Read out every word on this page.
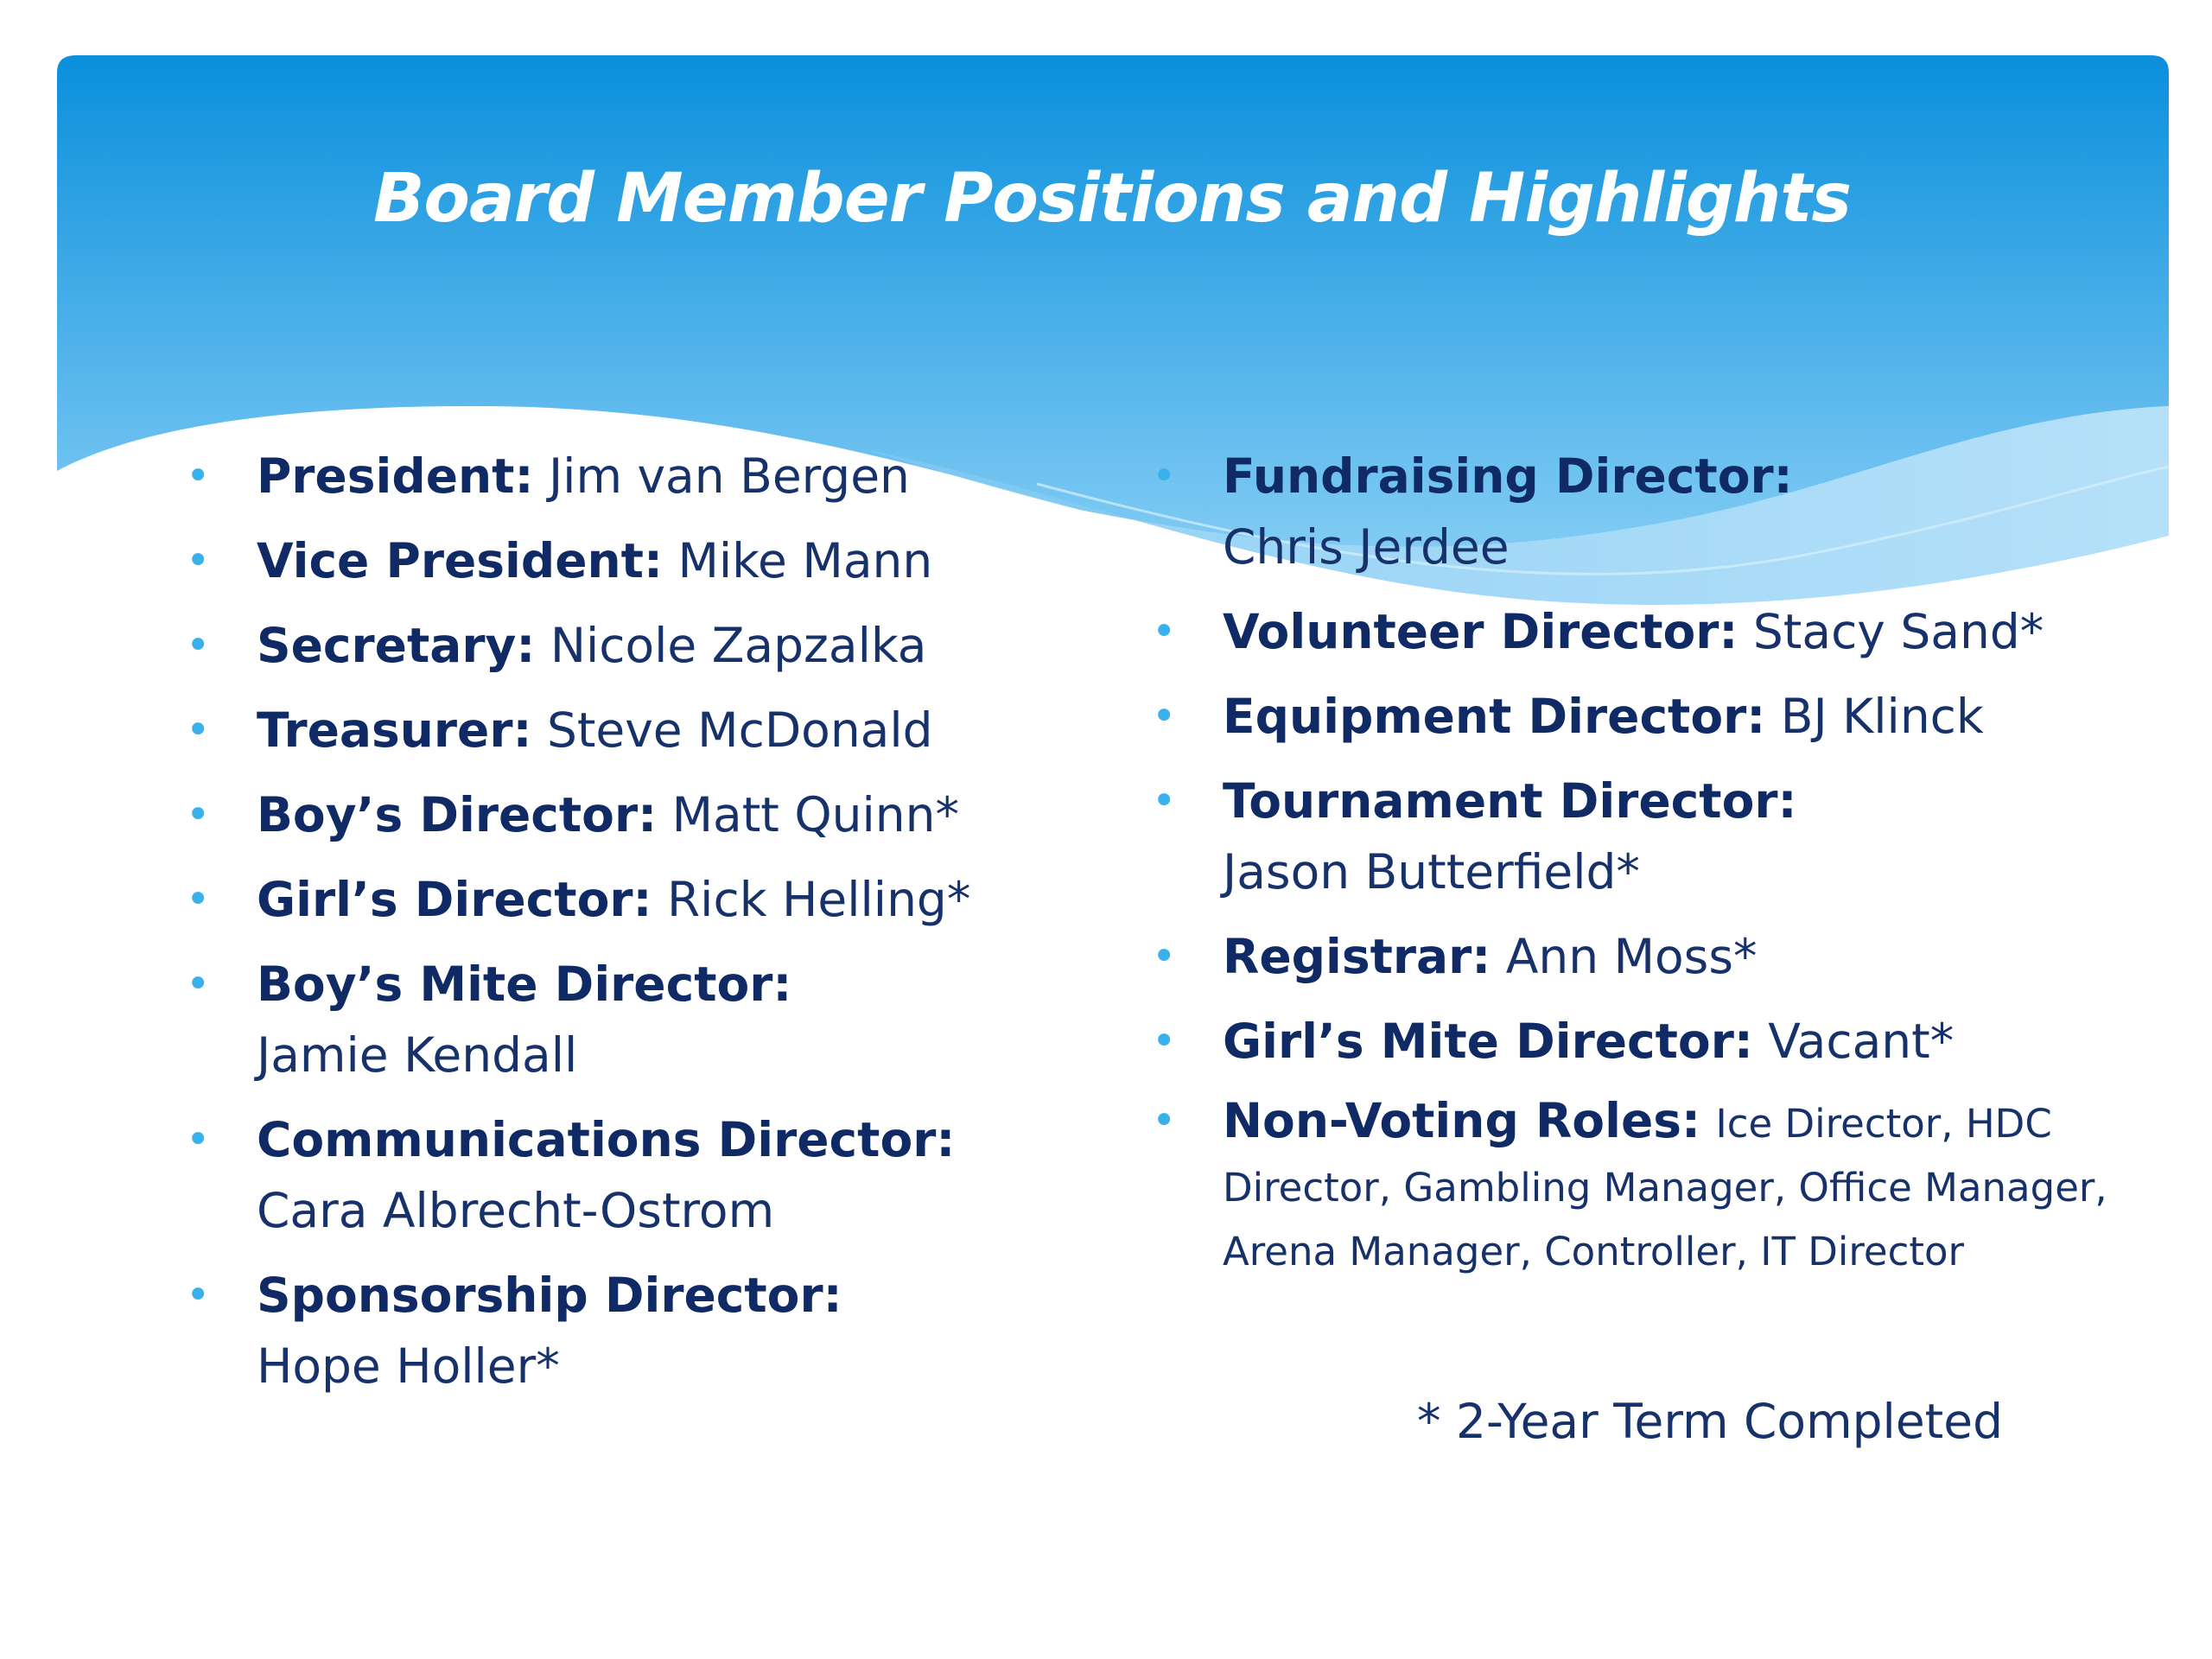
Board Member Positions and Highlights
• President: Jim van Bergen
• Vice President: Mike Mann
• Secretary: Nicole Zapzalka
• Treasurer: Steve McDonald
• Boy’s Director: Matt Quinn*
• Girl’s Director: Rick Helling*
• Boy’s Mite Director:
Jamie Kendall
• Communications Director:
Cara Albrecht-Ostrom
• Sponsorship Director:
Hope Holler*
• Fundraising Director:
Chris Jerdee
• Volunteer Director: Stacy Sand*
• Equipment Director: BJ Klinck
• Tournament Director:
Jason Butterfield*
• Registrar: Ann Moss*
• Girl’s Mite Director: Vacant*
• Non-Voting Roles: Ice Director, HDC Director, Gambling Manager, Office Manager, Arena Manager, Controller, IT Director
* 2-Year Term Completed
